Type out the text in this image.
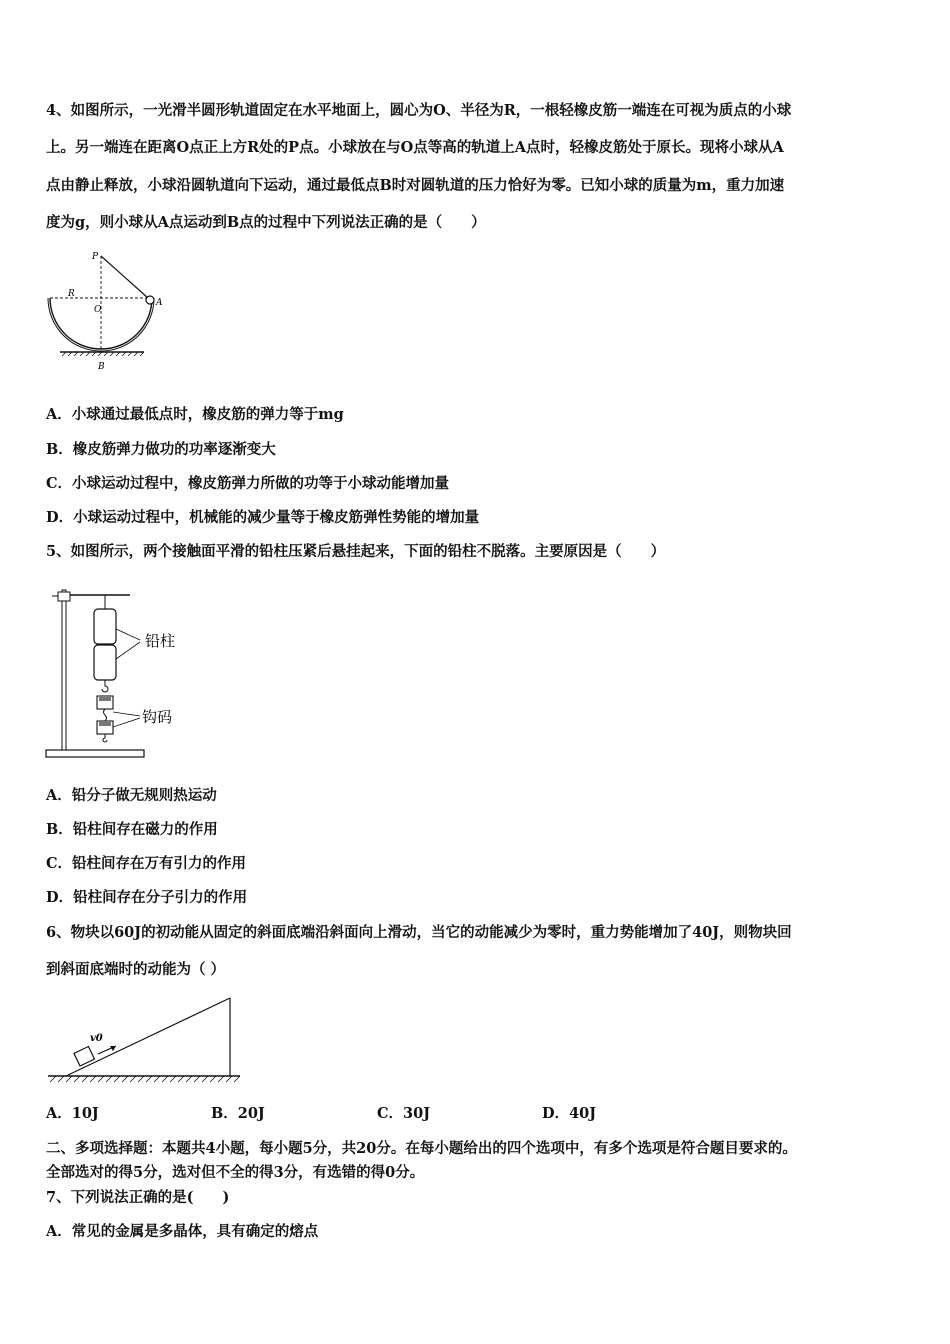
4、如图所示，一光滑半圆形轨道固定在水平地面上，圆心为O、半径为R，一根轻橡皮筋一端连在可视为质点的小球
上。另一端连在距离O点正上方R处的P点。小球放在与O点等高的轨道上A点时，轻橡皮筋处于原长。现将小球从A
点由静止释放，小球沿圆轨道向下运动，通过最低点B时对圆轨道的压力恰好为零。已知小球的质量为m，重力加速
度为g，则小球从A点运动到B点的过程中下列说法正确的是（　　）
P
R
O
A
B
A．小球通过最低点时，橡皮筋的弹力等于mg
B．橡皮筋弹力做功的功率逐渐变大
C．小球运动过程中，橡皮筋弹力所做的功等于小球动能增加量
D．小球运动过程中，机械能的减少量等于橡皮筋弹性势能的增加量
5、如图所示，两个接触面平滑的铅柱压紧后悬挂起来，下面的铅柱不脱落。主要原因是（　　）
铅柱
钩码
A．铅分子做无规则热运动
B．铅柱间存在磁力的作用
C．铅柱间存在万有引力的作用
D．铅柱间存在分子引力的作用
6、物块以60J的初动能从固定的斜面底端沿斜面向上滑动，当它的动能减少为零时，重力势能增加了40J，则物块回
到斜面底端时的动能为（ ）
v0
A．10J	B．20J	C．30J	D．40J
二、多项选择题：本题共4小题，每小题5分，共20分。在每小题给出的四个选项中，有多个选项是符合题目要求的。
全部选对的得5分，选对但不全的得3分，有选错的得0分。
7、下列说法正确的是(　　)
A．常见的金属是多晶体，具有确定的熔点
